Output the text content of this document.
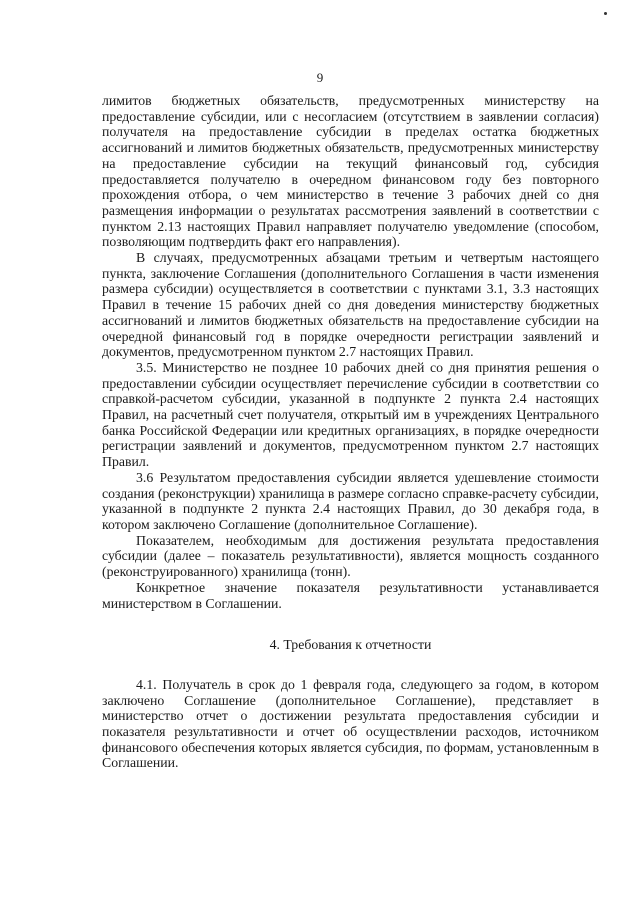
9

лимитов бюджетных обязательств, предусмотренных министерству на предоставление субсидии, или с несогласием (отсутствием в заявлении согласия) получателя на предоставление субсидии в пределах остатка бюджетных ассигнований и лимитов бюджетных обязательств, предусмотренных министерству на предоставление субсидии на текущий финансовый год, субсидия предоставляется получателю в очередном финансовом году без повторного прохождения отбора, о чем министерство в течение 3 рабочих дней со дня размещения информации о результатах рассмотрения заявлений в соответствии с пунктом 2.13 настоящих Правил направляет получателю уведомление (способом, позволяющим подтвердить факт его направления).

В случаях, предусмотренных абзацами третьим и четвертым настоящего пункта, заключение Соглашения (дополнительного Соглашения в части изменения размера субсидии) осуществляется в соответствии с пунктами 3.1, 3.3 настоящих Правил в течение 15 рабочих дней со дня доведения министерству бюджетных ассигнований и лимитов бюджетных обязательств на предоставление субсидии на очередной финансовый год в порядке очередности регистрации заявлений и документов, предусмотренном пунктом 2.7 настоящих Правил.

3.5. Министерство не позднее 10 рабочих дней со дня принятия решения о предоставлении субсидии осуществляет перечисление субсидии в соответствии со справкой-расчетом субсидии, указанной в подпункте 2 пункта 2.4 настоящих Правил, на расчетный счет получателя, открытый им в учреждениях Центрального банка Российской Федерации или кредитных организациях, в порядке очередности регистрации заявлений и документов, предусмотренном пунктом 2.7 настоящих Правил.

3.6 Результатом предоставления субсидии является удешевление стоимости создания (реконструкции) хранилища в размере согласно справке-расчету субсидии, указанной в подпункте 2 пункта 2.4 настоящих Правил, до 30 декабря года, в котором заключено Соглашение (дополнительное Соглашение).

Показателем, необходимым для достижения результата предоставления субсидии (далее – показатель результативности), является мощность созданного (реконструированного) хранилища (тонн).

Конкретное значение показателя результативности устанавливается министерством в Соглашении.

4. Требования к отчетности

4.1. Получатель в срок до 1 февраля года, следующего за годом, в котором заключено Соглашение (дополнительное Соглашение), представляет в министерство отчет о достижении результата предоставления субсидии и показателя результативности и отчет об осуществлении расходов, источником финансового обеспечения которых является субсидия, по формам, установленным в Соглашении.
